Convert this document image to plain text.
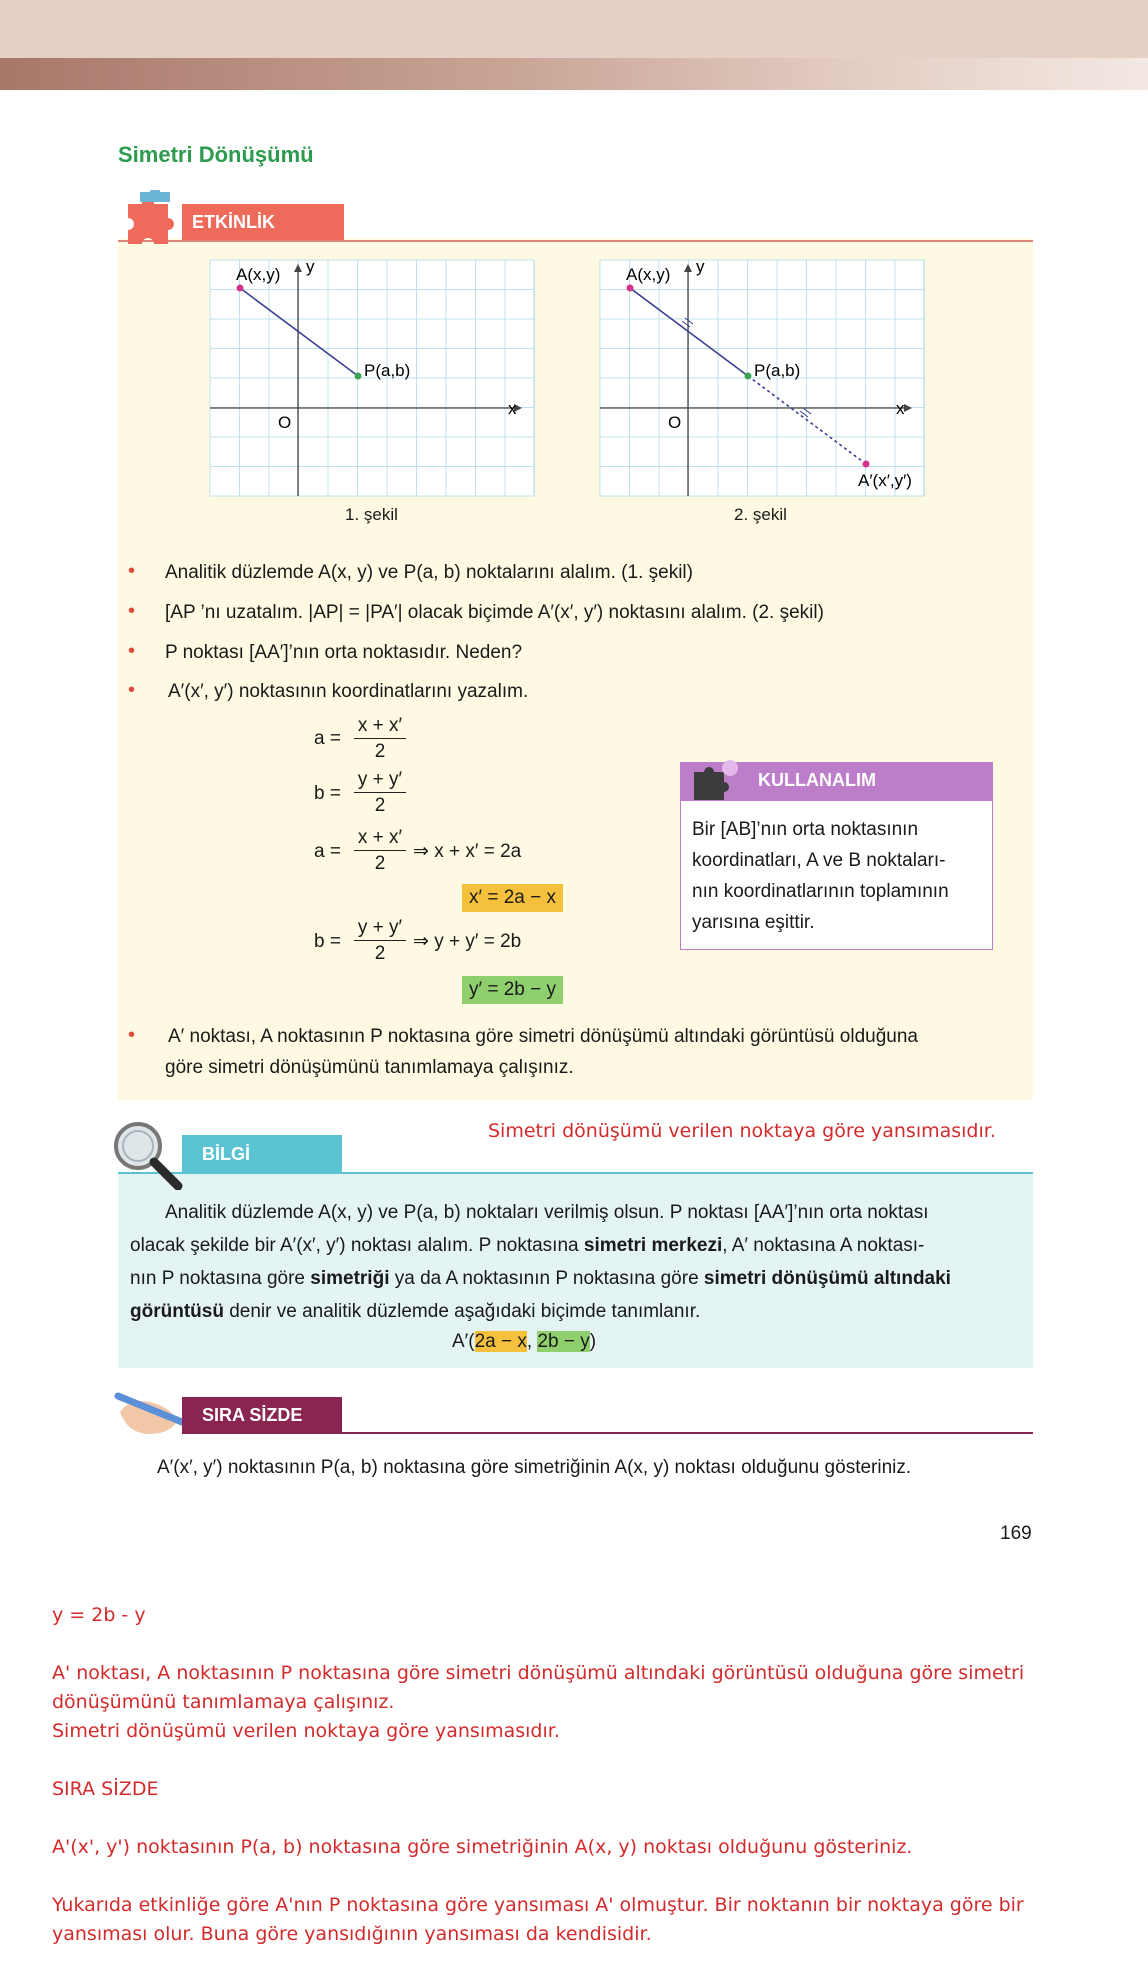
Simetri Dönüşümü
ETKİNLİK
A(x,y) y
P(a,b)
x
O
1. şekil
A(x,y) y
P(a,b)
x
O
A′(x′,y′)
2. şekil
• Analitik düzlemde A(x, y) ve P(a, b) noktalarını alalım. (1. şekil)
• [AP ’nı uzatalım. |AP| = |PA′| olacak biçimde A′(x′, y′) noktasını alalım. (2. şekil)
• P noktası [AA′]’nın orta noktasıdır. Neden?
• A′(x′, y′) noktasının koordinatlarını yazalım.
a =
x + x′
2
b =
y + y′
2
a =
x + x′
2
⇒ x + x′ = 2a
x′ = 2a − x
b =
y + y′
2
⇒ y + y′ = 2b
y′ = 2b − y
KULLANALIM
Bir [AB]’nın orta noktasının
koordinatları, A ve B noktaları-
nın koordinatlarının toplamının
yarısına eşittir.
• A′ noktası, A noktasının P noktasına göre simetri dönüşümü altındaki görüntüsü olduğuna
göre simetri dönüşümünü tanımlamaya çalışınız.
Simetri dönüşümü verilen noktaya göre yansımasıdır.
BİLGİ
Analitik düzlemde A(x, y) ve P(a, b) noktaları verilmiş olsun. P noktası [AA′]’nın orta noktası
olacak şekilde bir A′(x′, y′) noktası alalım. P noktasına simetri merkezi, A′ noktasına A noktası-
nın P noktasına göre simetriği ya da A noktasının P noktasına göre simetri dönüşümü altındaki
görüntüsü denir ve analitik düzlemde aşağıdaki biçimde tanımlanır.
A′(2a − x, 2b − y)
SIRA SİZDE
A′(x′, y′) noktasının P(a, b) noktasına göre simetriğinin A(x, y) noktası olduğunu gösteriniz.
169
y = 2b - y
A' noktası, A noktasının P noktasına göre simetri dönüşümü altındaki görüntüsü olduğuna göre simetri
dönüşümünü tanımlamaya çalışınız.
Simetri dönüşümü verilen noktaya göre yansımasıdır.
SIRA SİZDE
A'(x', y') noktasının P(a, b) noktasına göre simetriğinin A(x, y) noktası olduğunu gösteriniz.
Yukarıda etkinliğe göre A'nın P noktasına göre yansıması A' olmuştur. Bir noktanın bir noktaya göre bir
yansıması olur. Buna göre yansıdığının yansıması da kendisidir.
